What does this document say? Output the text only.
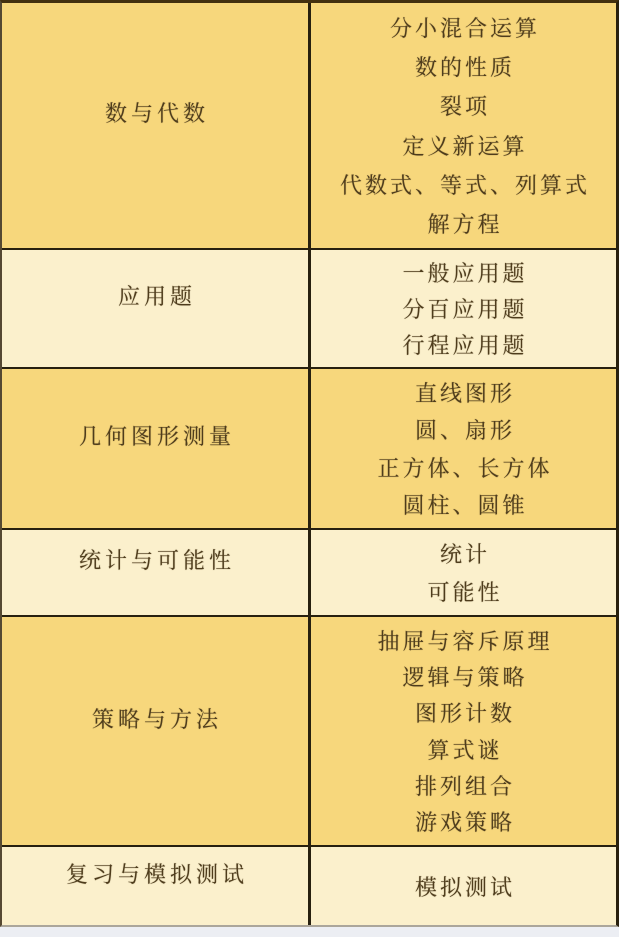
数与代数
分小混合运算
数的性质
裂项
定义新运算
代数式、等式、列算式
解方程
应用题
一般应用题
分百应用题
行程应用题
几何图形测量
直线图形
圆、扇形
正方体、长方体
圆柱、圆锥
统计与可能性	统计
可能性
策略与方法
抽屉与容斥原理
逻辑与策略
图形计数
算式谜
排列组合
游戏策略
复习与模拟测试
模拟测试
